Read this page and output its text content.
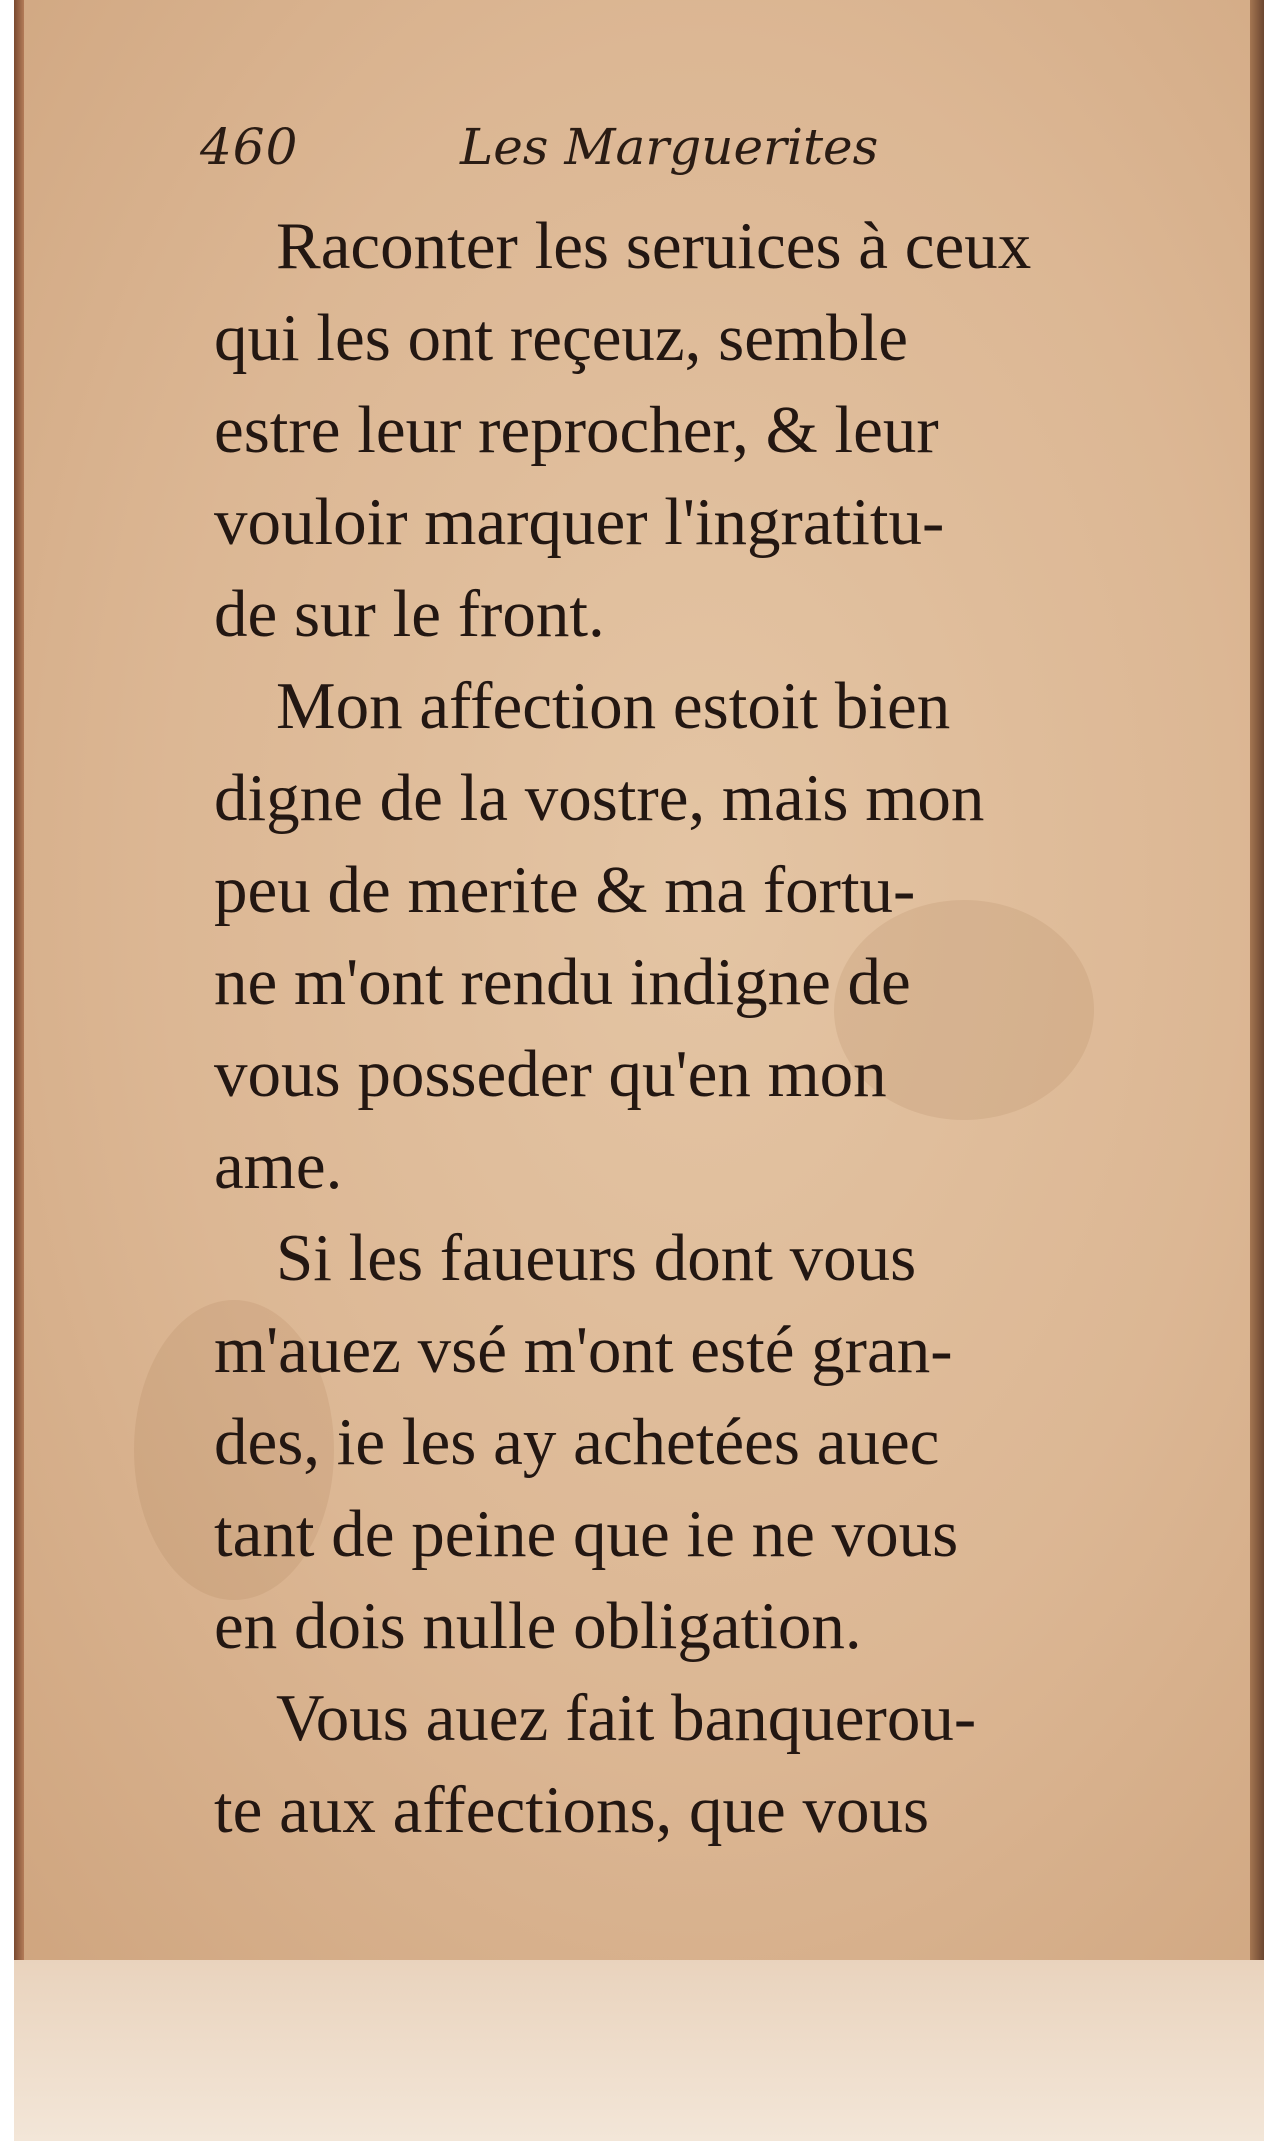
460	Les Marguerites

Raconter les seruices à ceux
qui les ont reçeuz, semble
estre leur reprocher, & leur
vouloir marquer l'ingratitu-
de sur le front.

Mon affection estoit bien
digne de la vostre, mais mon
peu de merite & ma fortu-
ne m'ont rendu indigne de
vous posseder qu'en mon
ame.

Si les faueurs dont vous
m'auez vsé m'ont esté gran-
des, ie les ay achetées auec
tant de peine que ie ne vous
en dois nulle obligation.

Vous auez fait banquerou-
te aux affections, que vous
